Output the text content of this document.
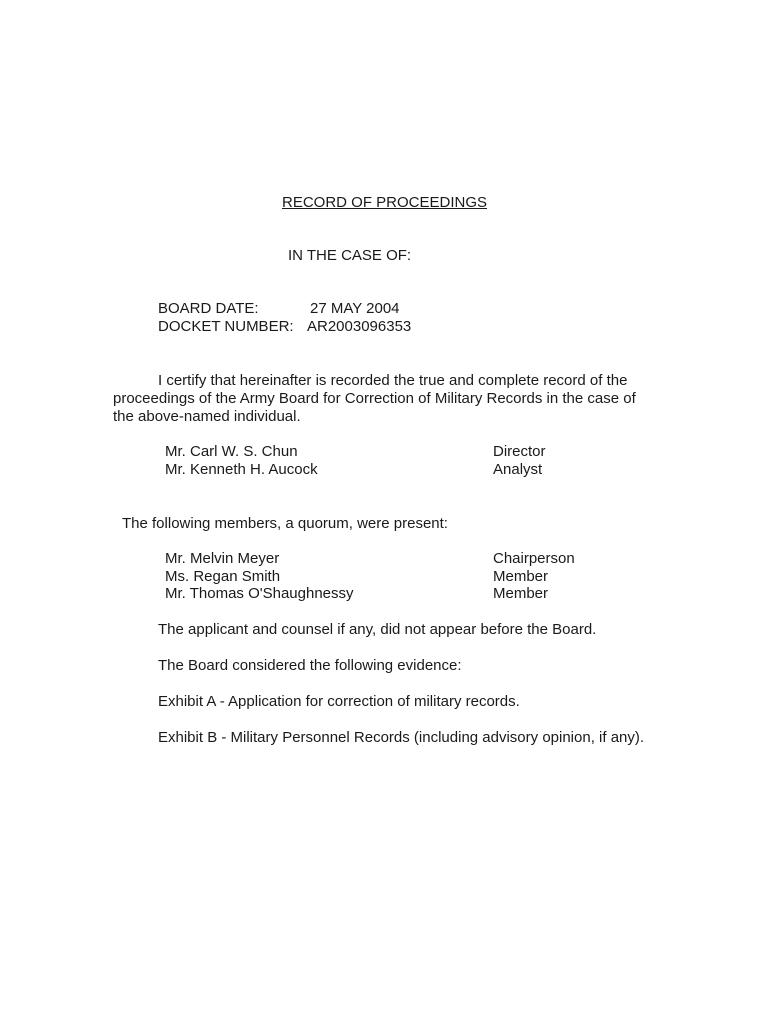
RECORD OF PROCEEDINGS
IN THE CASE OF:
BOARD DATE:	27 MAY 2004
DOCKET NUMBER: AR2003096353
I certify that hereinafter is recorded the true and complete record of the proceedings of the Army Board for Correction of Military Records in the case of the above-named individual.
Mr. Carl W. S. Chun	Director
Mr. Kenneth H. Aucock	Analyst
The following members, a quorum, were present:
Mr. Melvin Meyer	Chairperson
Ms. Regan Smith	Member
Mr. Thomas O'Shaughnessy	Member
The applicant and counsel if any, did not appear before the Board.
The Board considered the following evidence:
Exhibit A - Application for correction of military records.
Exhibit B - Military Personnel Records (including advisory opinion, if any).
